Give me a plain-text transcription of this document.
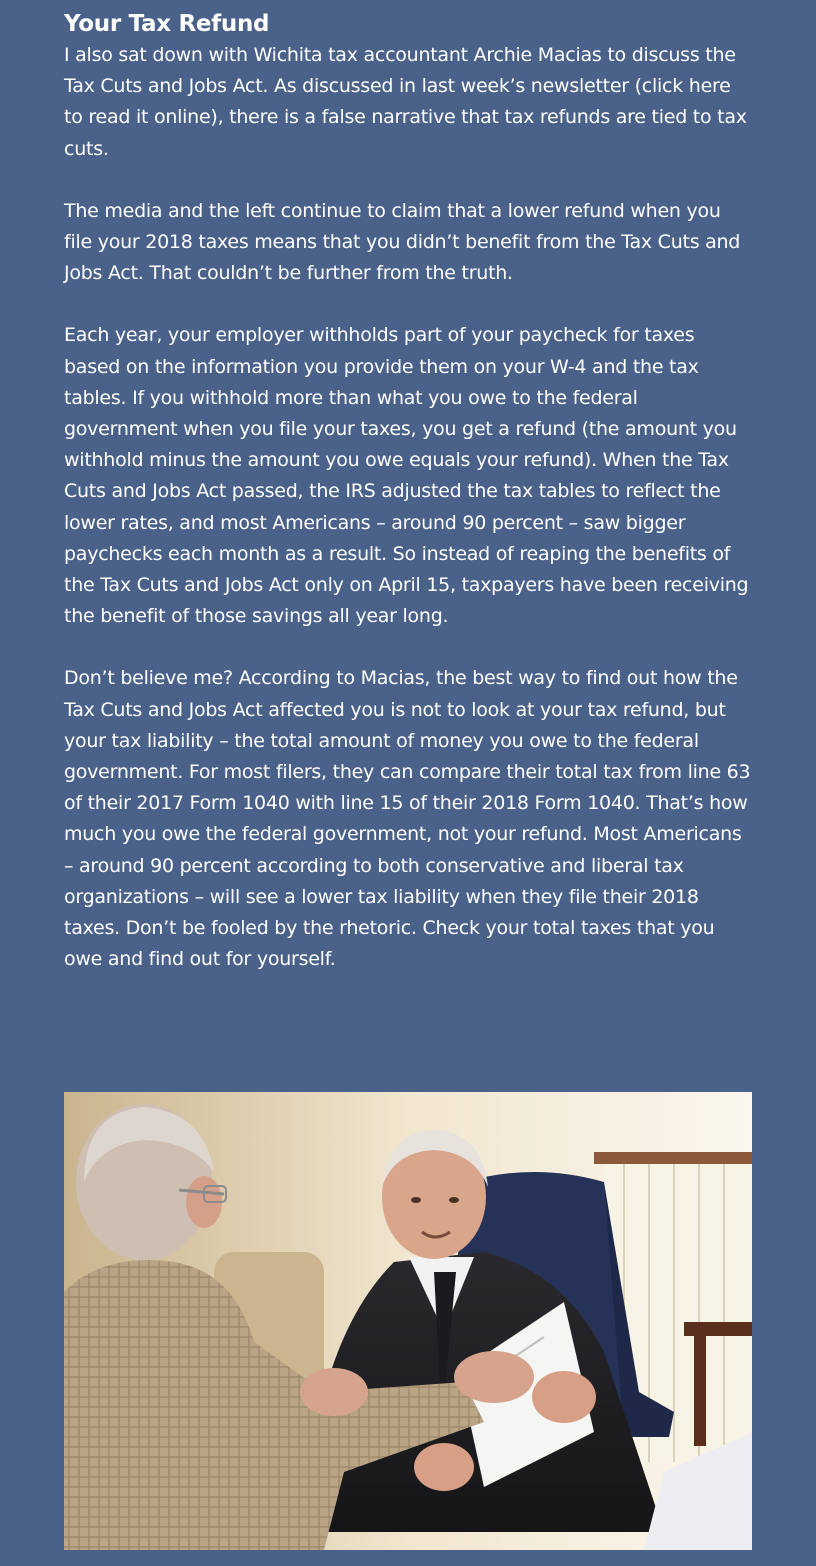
Your Tax Refund

I also sat down with Wichita tax accountant Archie Macias to discuss the Tax Cuts and Jobs Act. As discussed in last week’s newsletter (click here to read it online), there is a false narrative that tax refunds are tied to tax cuts.

The media and the left continue to claim that a lower refund when you file your 2018 taxes means that you didn’t benefit from the Tax Cuts and Jobs Act. That couldn’t be further from the truth.

Each year, your employer withholds part of your paycheck for taxes based on the information you provide them on your W-4 and the tax tables. If you withhold more than what you owe to the federal government when you file your taxes, you get a refund (the amount you withhold minus the amount you owe equals your refund). When the Tax Cuts and Jobs Act passed, the IRS adjusted the tax tables to reflect the lower rates, and most Americans – around 90 percent – saw bigger paychecks each month as a result. So instead of reaping the benefits of the Tax Cuts and Jobs Act only on April 15, taxpayers have been receiving the benefit of those savings all year long.

Don’t believe me? According to Macias, the best way to find out how the Tax Cuts and Jobs Act affected you is not to look at your tax refund, but your tax liability – the total amount of money you owe to the federal government. For most filers, they can compare their total tax from line 63 of their 2017 Form 1040 with line 15 of their 2018 Form 1040. That’s how much you owe the federal government, not your refund. Most Americans – around 90 percent according to both conservative and liberal tax organizations – will see a lower tax liability when they file their 2018 taxes. Don’t be fooled by the rhetoric. Check your total taxes that you owe and find out for yourself.
